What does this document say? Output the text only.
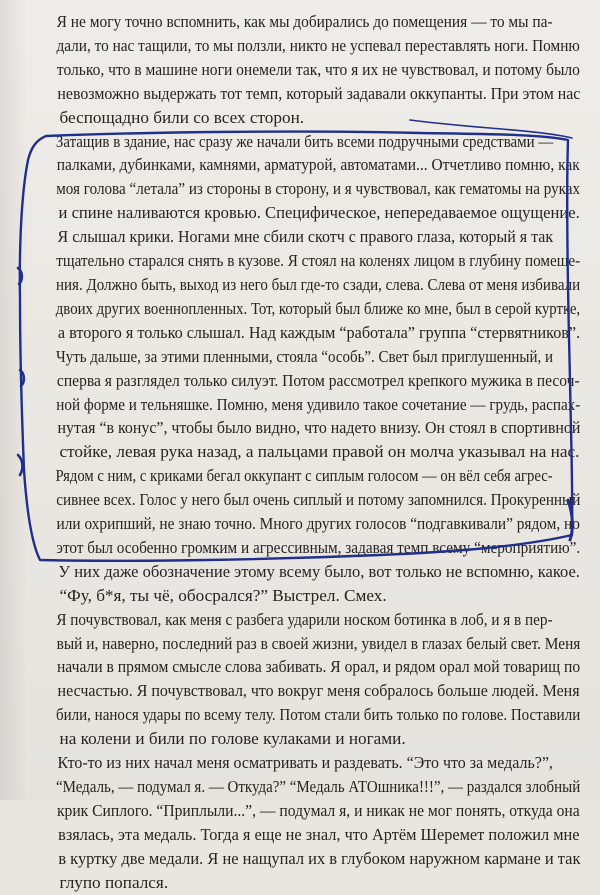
Я не могу точно вспомнить, как мы добирались до помещения — то мы па-
дали, то нас тащили, то мы ползли, никто не успевал переставлять ноги. Помню
только, что в машине ноги онемели так, что я их не чувствовал, и потому было
невозможно выдержать тот темп, который задавали оккупанты. При этом нас
беспощадно били со всех сторон.
Затащив в здание, нас сразу же начали бить всеми подручными средствами —
палками, дубинками, камнями, арматурой, автоматами... Отчетливо помню, как
моя голова “летала” из стороны в сторону, и я чувствовал, как гематомы на руках
и спине наливаются кровью. Специфическое, непередаваемое ощущение.
Я слышал крики. Ногами мне сбили скотч с правого глаза, который я так
тщательно старался снять в кузове. Я стоял на коленях лицом в глубину помеще-
ния. Должно быть, выход из него был где-то сзади, слева. Слева от меня избивали
двоих других военнопленных. Тот, который был ближе ко мне, был в серой куртке,
а второго я только слышал. Над каждым “работала” группа “стервятников”.
Чуть дальше, за этими пленными, стояла “особь”. Свет был приглушенный, и
сперва я разглядел только силуэт. Потом рассмотрел крепкого мужика в песоч-
ной форме и тельняшке. Помню, меня удивило такое сочетание — грудь, распах-
нутая “в конус”, чтобы было видно, что надето внизу. Он стоял в спортивной
стойке, левая рука назад, а пальцами правой он молча указывал на нас.
Рядом с ним, с криками бегал оккупант с сиплым голосом — он вёл себя агрес-
сивнее всех. Голос у него был очень сиплый и потому запомнился. Прокуренный
или охрипший, не знаю точно. Много других голосов “подгавкивали” рядом, но
этот был особенно громким и агрессивным, задавая темп всему “мероприятию”.
У них даже обозначение этому всему было, вот только не вспомню, какое.
“Фу, б*я, ты чё, обосрался?” Выстрел. Смех.
Я почувствовал, как меня с разбега ударили носком ботинка в лоб, и я в пер-
вый и, наверно, последний раз в своей жизни, увидел в глазах белый свет. Меня
начали в прямом смысле слова забивать. Я орал, и рядом орал мой товарищ по
несчастью. Я почувствовал, что вокруг меня собралось больше людей. Меня
били, нанося удары по всему телу. Потом стали бить только по голове. Поставили
на колени и били по голове кулаками и ногами.
Кто-то из них начал меня осматривать и раздевать. “Это что за медаль?”,
“Медаль, — подумал я. — Откуда?” “Медаль АТОшника!!!”, — раздался злобный
крик Сиплого. “Приплыли...”, — подумал я, и никак не мог понять, откуда она
взялась, эта медаль. Тогда я еще не знал, что Артём Шеремет положил мне
в куртку две медали. Я не нащупал их в глубоком наружном кармане и так
глупо попался.
